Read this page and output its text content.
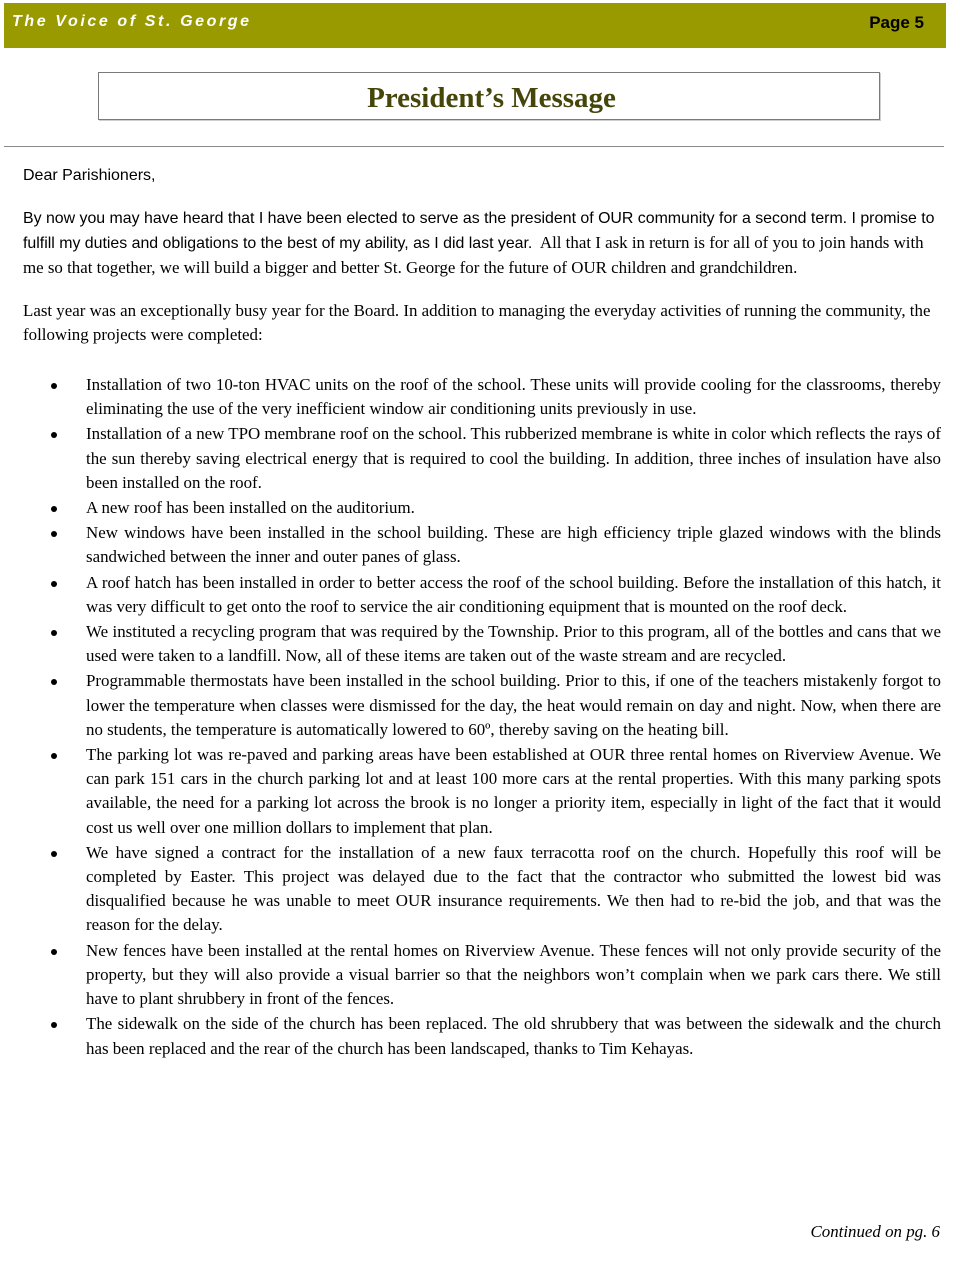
The Voice of St. George	Page 5
President’s Message

Dear Parishioners,

By now you may have heard that I have been elected to serve as the president of OUR community for a second term. I promise to fulfill my duties and obligations to the best of my ability, as I did last year. All that I ask in return is for all of you to join hands with me so that together, we will build a bigger and better St. George for the future of OUR children and grandchildren.

Last year was an exceptionally busy year for the Board. In addition to managing the everyday activities of running the community, the following projects were completed:

Installation of two 10-ton HVAC units on the roof of the school. These units will provide cooling for the classrooms, thereby eliminating the use of the very inefficient window air conditioning units previously in use.
Installation of a new TPO membrane roof on the school. This rubberized membrane is white in color which reflects the rays of the sun thereby saving electrical energy that is required to cool the building. In addition, three inches of insulation have also been installed on the roof.
A new roof has been installed on the auditorium.
New windows have been installed in the school building. These are high efficiency triple glazed windows with the blinds sandwiched between the inner and outer panes of glass.
A roof hatch has been installed in order to better access the roof of the school building. Before the installation of this hatch, it was very difficult to get onto the roof to service the air conditioning equipment that is mounted on the roof deck.
We instituted a recycling program that was required by the Township. Prior to this program, all of the bottles and cans that we used were taken to a landfill. Now, all of these items are taken out of the waste stream and are recycled.
Programmable thermostats have been installed in the school building. Prior to this, if one of the teachers mistakenly forgot to lower the temperature when classes were dismissed for the day, the heat would remain on day and night. Now, when there are no students, the temperature is automatically lowered to 60º, thereby saving on the heating bill.
The parking lot was re-paved and parking areas have been established at OUR three rental homes on Riverview Avenue. We can park 151 cars in the church parking lot and at least 100 more cars at the rental properties. With this many parking spots available, the need for a parking lot across the brook is no longer a priority item, especially in light of the fact that it would cost us well over one million dollars to implement that plan.
We have signed a contract for the installation of a new faux terracotta roof on the church. Hopefully this roof will be completed by Easter. This project was delayed due to the fact that the contractor who submitted the lowest bid was disqualified because he was unable to meet OUR insurance requirements. We then had to re-bid the job, and that was the reason for the delay.
New fences have been installed at the rental homes on Riverview Avenue. These fences will not only provide security of the property, but they will also provide a visual barrier so that the neighbors won’t complain when we park cars there. We still have to plant shrubbery in front of the fences.
The sidewalk on the side of the church has been replaced. The old shrubbery that was between the sidewalk and the church has been replaced and the rear of the church has been landscaped, thanks to Tim Kehayas.
Continued on pg. 6
